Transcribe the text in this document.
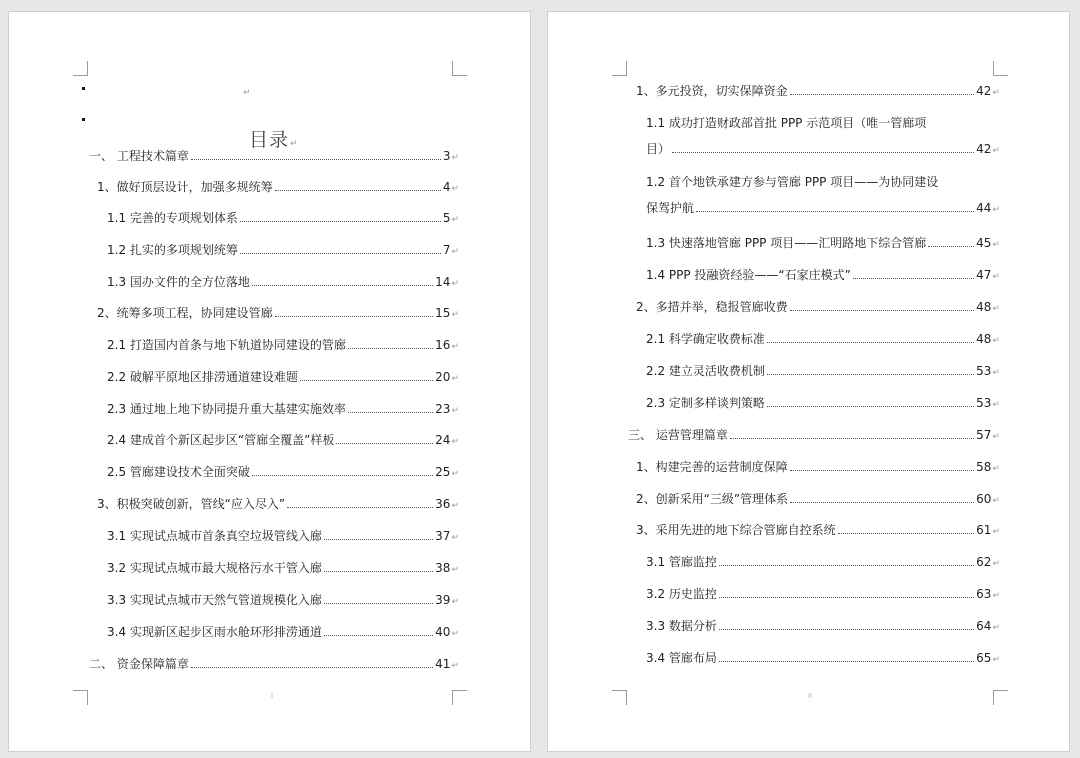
↵
目录↵
一、 工程技术篇章	3 ↵
1、做好顶层设计，加强多规统筹	4 ↵
1.1 完善的专项规划体系	5 ↵
1.2 扎实的多项规划统筹	7 ↵
1.3 国办文件的全方位落地	14 ↵
2、统筹多项工程，协同建设管廊	15 ↵
2.1 打造国内首条与地下轨道协同建设的管廊	16 ↵
2.2 破解平原地区排涝通道建设难题	20 ↵
2.3 通过地上地下协同提升重大基建实施效率	23 ↵
2.4 建成首个新区起步区“管廊全覆盖”样板	24 ↵
2.5 管廊建设技术全面突破	25 ↵
3、积极突破创新，管线“应入尽入”	36 ↵
3.1 实现试点城市首条真空垃圾管线入廊	37 ↵
3.2 实现试点城市最大规格污水干管入廊	38 ↵
3.3 实现试点城市天然气管道规模化入廊	39 ↵
3.4 实现新区起步区雨水舱环形排涝通道	40 ↵
二、 资金保障篇章	41 ↵
I
1、多元投资，切实保障资金	42 ↵
1.1 成功打造财政部首批 PPP 示范项目（唯一管廊项
目）	42 ↵
1.2 首个地铁承建方参与管廊 PPP 项目——为协同建设
保驾护航	44 ↵
1.3 快速落地管廊 PPP 项目——汇明路地下综合管廊	45 ↵
1.4 PPP 投融资经验——“石家庄模式”	47 ↵
2、多措并举，稳报管廊收费	48 ↵
2.1 科学确定收费标准	48 ↵
2.2 建立灵活收费机制	53 ↵
2.3 定制多样谈判策略	53 ↵
三、 运营管理篇章	57 ↵
1、构建完善的运营制度保障	58 ↵
2、创新采用“三级”管理体系	60 ↵
3、采用先进的地下综合管廊自控系统	61 ↵
3.1 管廊监控	62 ↵
3.2 历史监控	63 ↵
3.3 数据分析	64 ↵
3.4 管廊布局	65 ↵
II
